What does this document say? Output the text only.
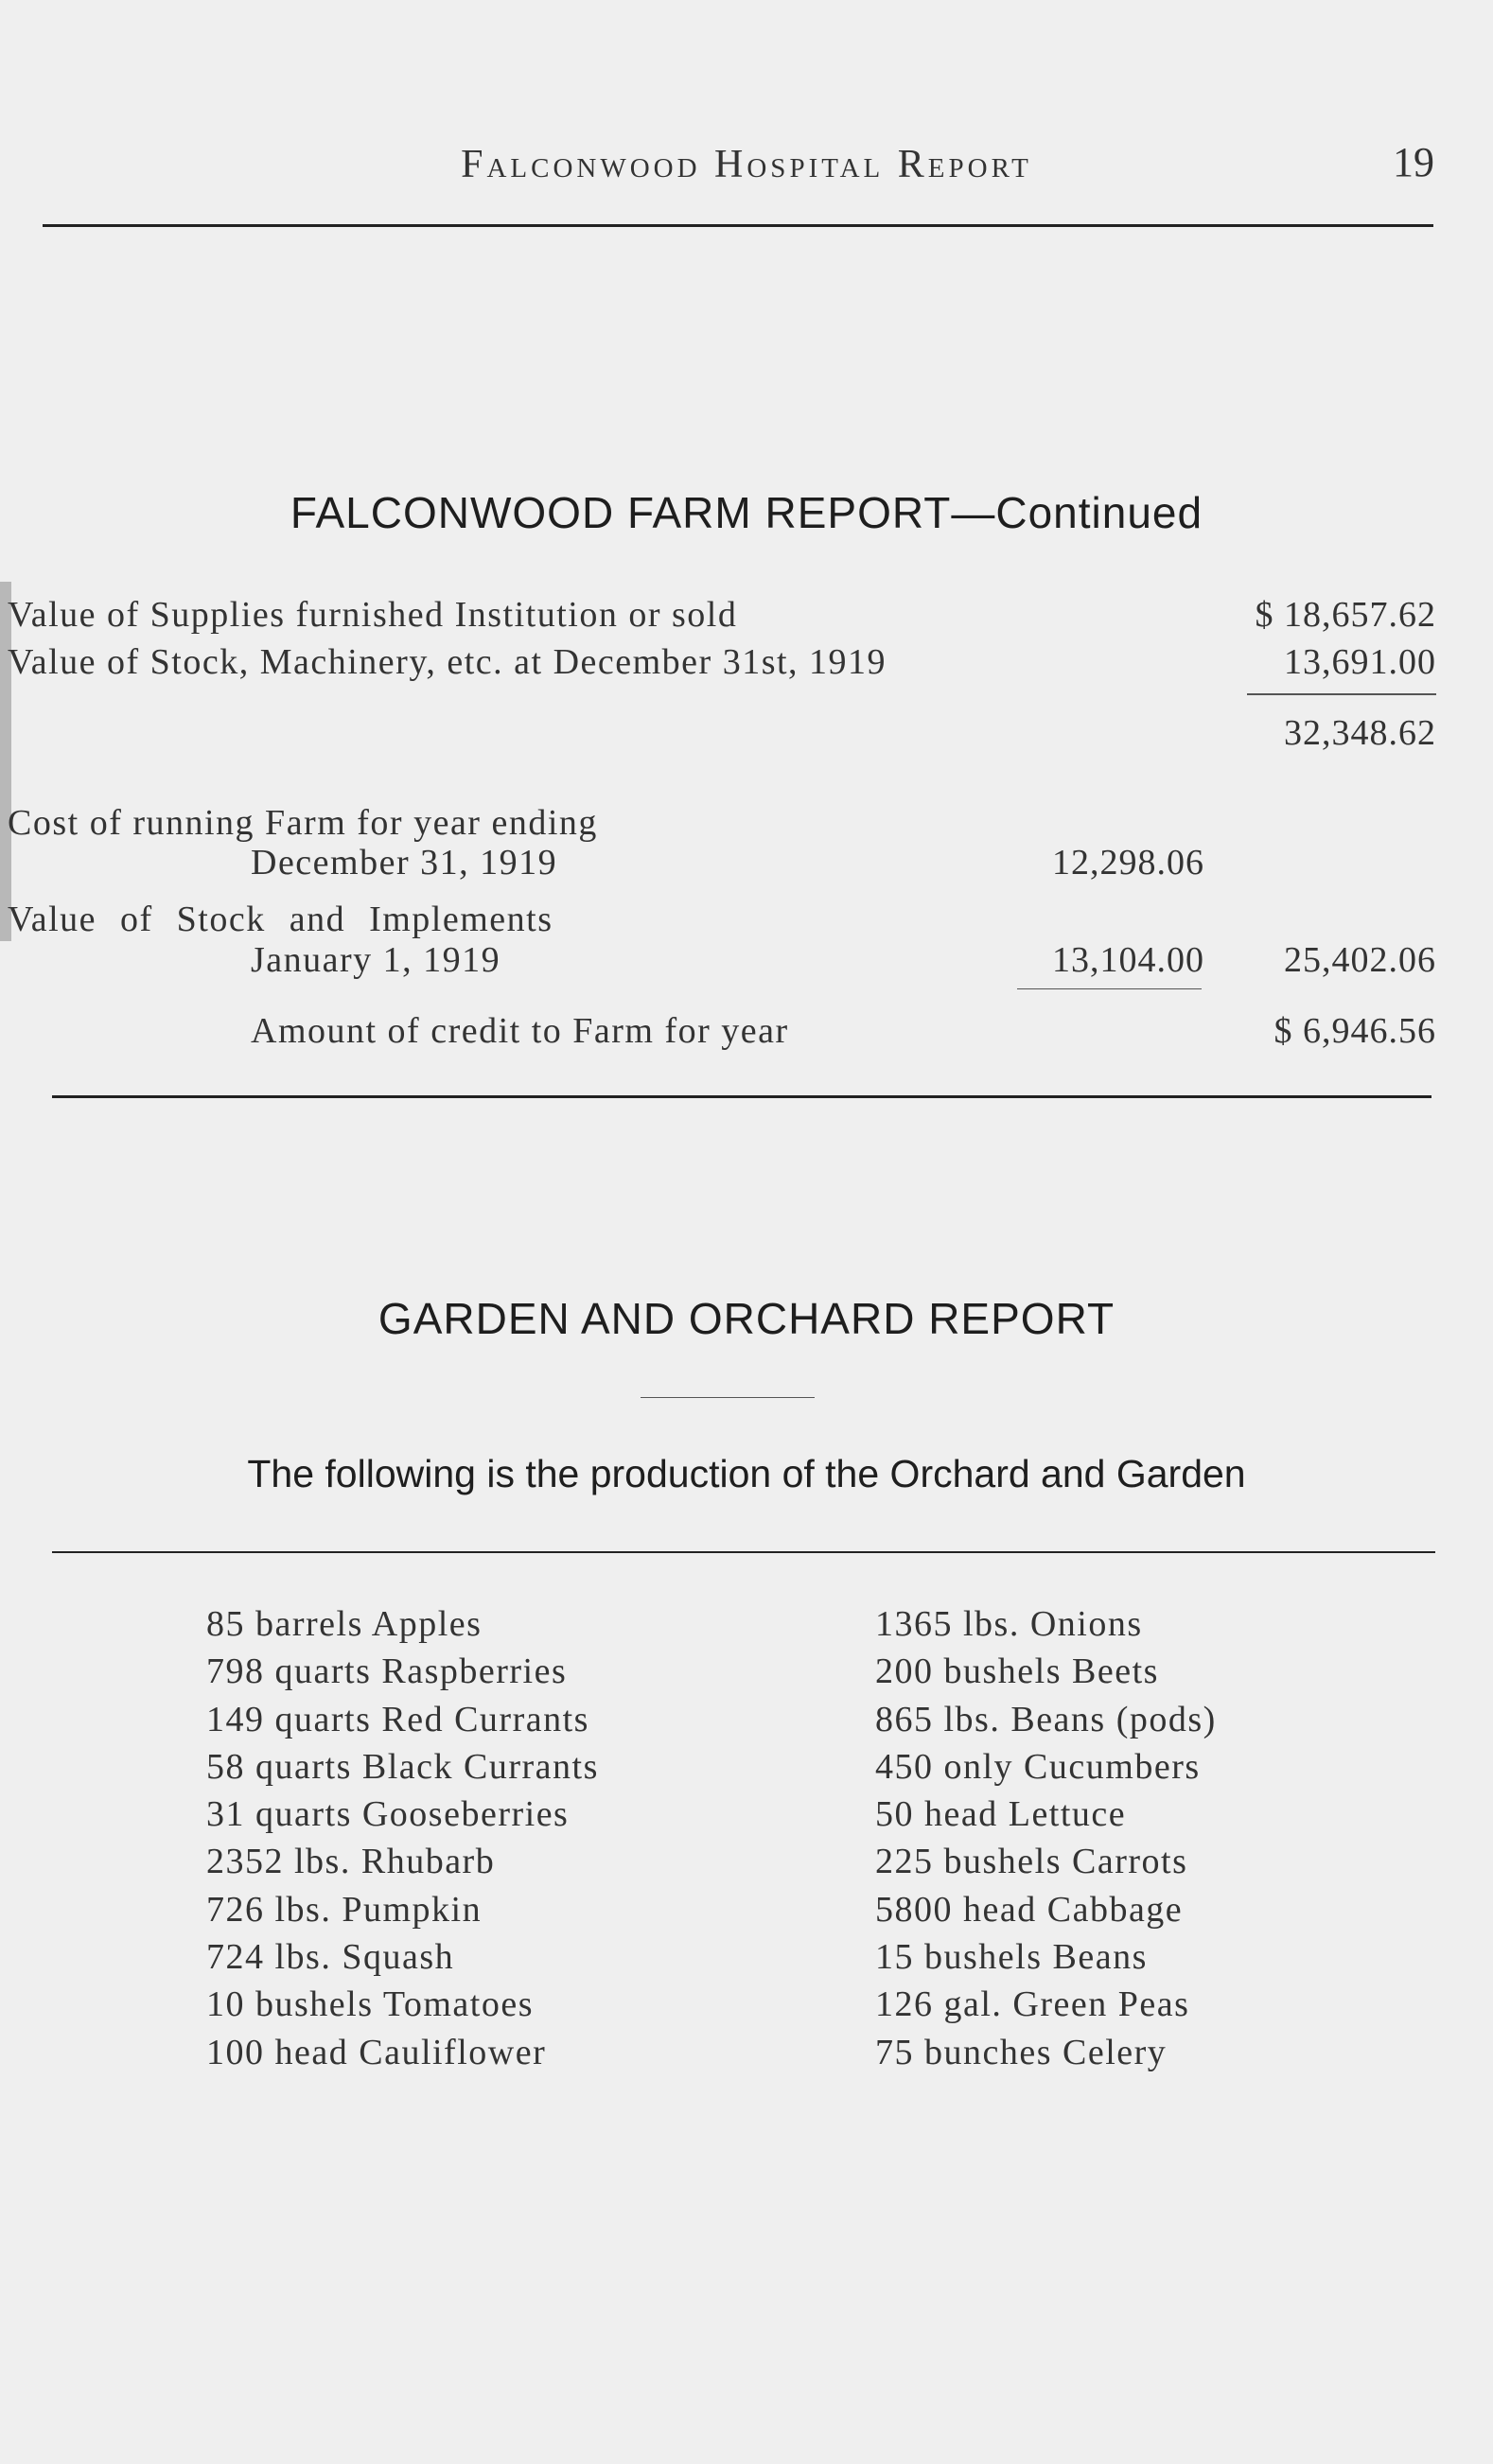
Falconwood Hospital Report	19
FALCONWOOD FARM REPORT—Continued
Value of Supplies furnished Institution or sold	$ 18,657.62
Value of Stock, Machinery, etc. at December 31st, 1919	13,691.00
32,348.62
Cost of running Farm for year ending
December 31, 1919	12,298.06
Value of Stock and Implements
January 1, 1919	13,104.00 25,402.06
Amount of credit to Farm for year	$ 6,946.56
GARDEN AND ORCHARD REPORT
The following is the production of the Orchard and Garden
85 barrels Apples
798 quarts Raspberries
149 quarts Red Currants
58 quarts Black Currants
31 quarts Gooseberries
2352 lbs. Rhubarb
726 lbs. Pumpkin
724 lbs. Squash
10 bushels Tomatoes
100 head Cauliflower
1365 lbs. Onions
200 bushels Beets
865 lbs. Beans (pods)
450 only Cucumbers
50 head Lettuce
225 bushels Carrots
5800 head Cabbage
15 bushels Beans
126 gal. Green Peas
75 bunches Celery
